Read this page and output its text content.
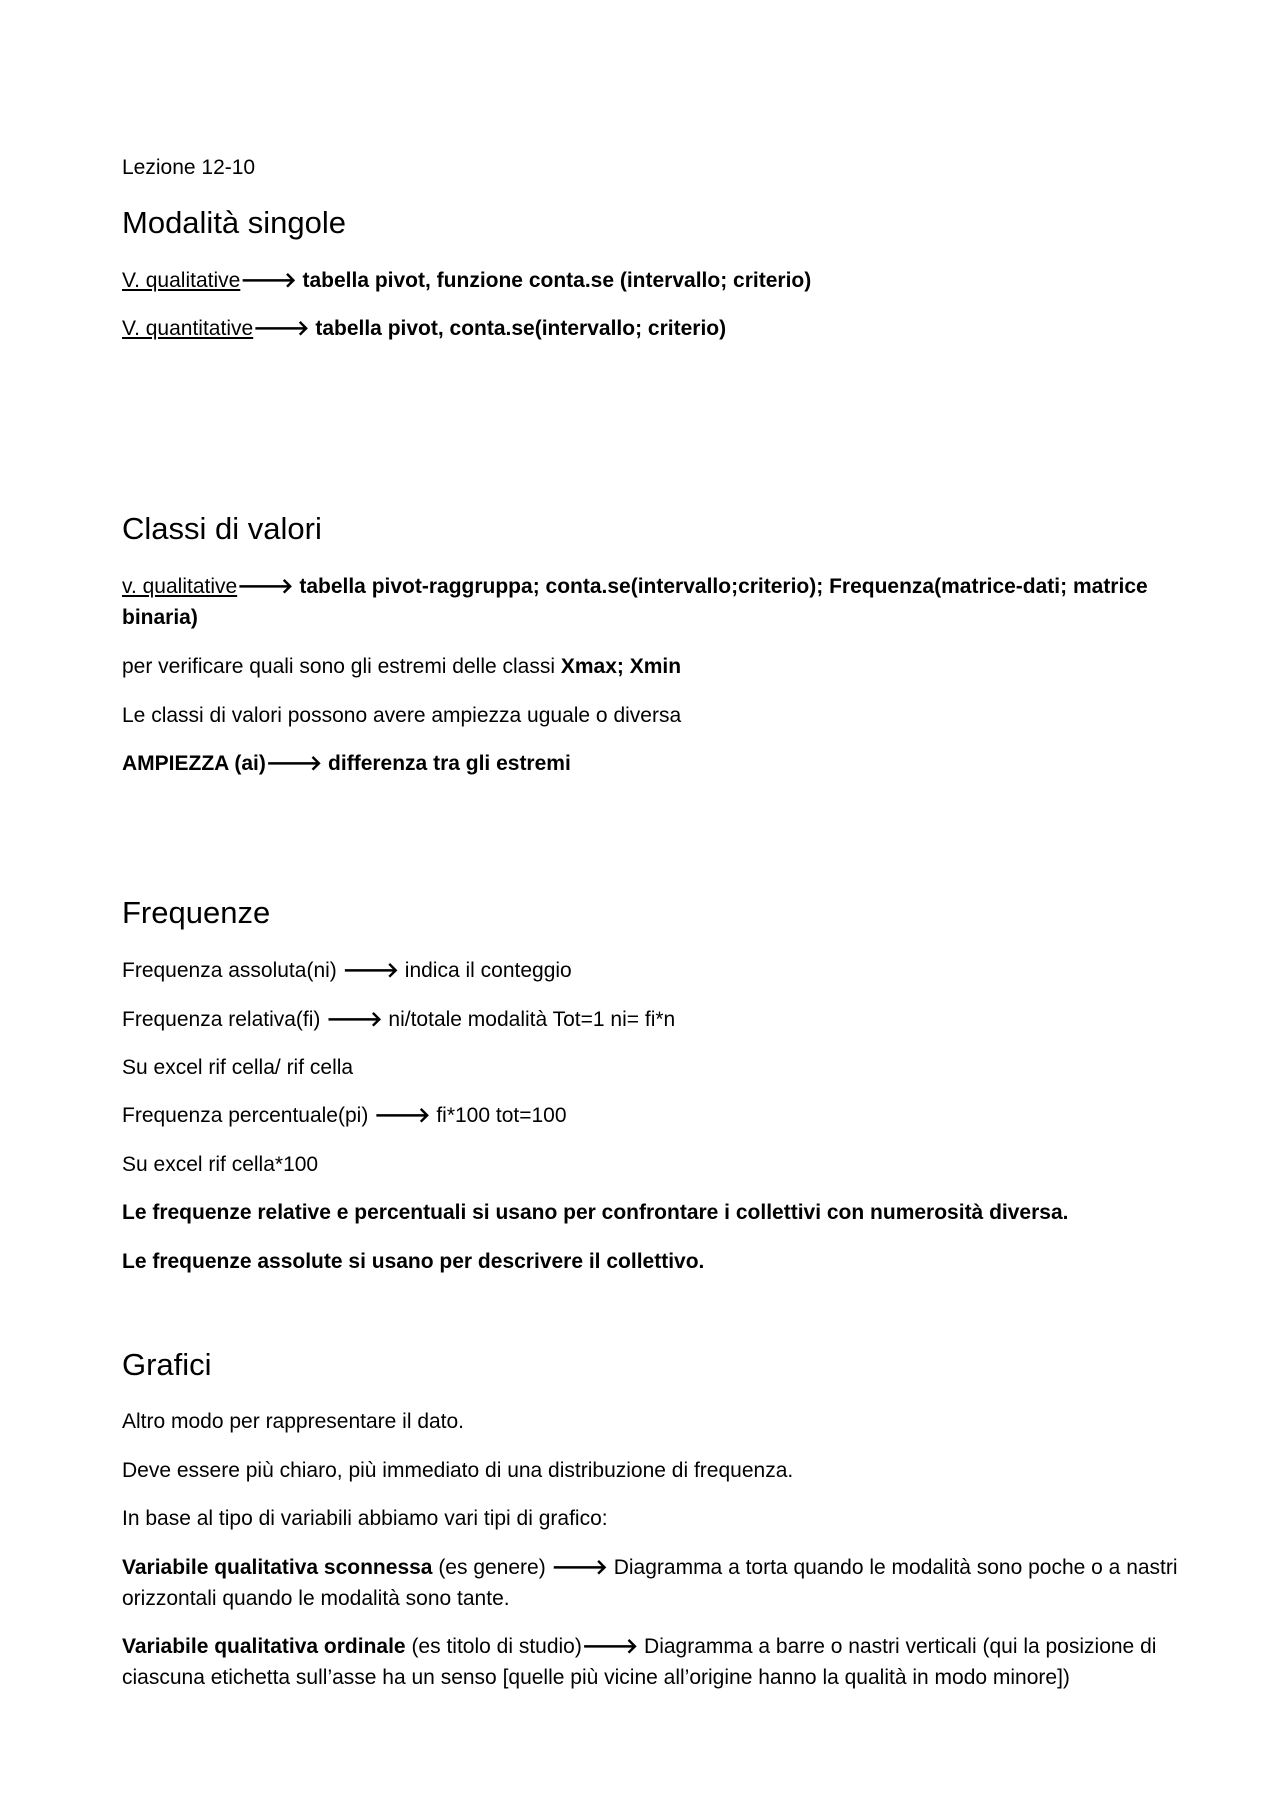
Lezione 12-10

Modalità singole

V. qualitative🡒 tabella pivot, funzione conta.se (intervallo; criterio)

V. quantitative🡒 tabella pivot, conta.se(intervallo; criterio)

Classi di valori

v. qualitative🡒 tabella pivot-raggruppa; conta.se(intervallo;criterio); Frequenza(matrice-dati; matrice binaria)

per verificare quali sono gli estremi delle classi Xmax; Xmin

Le classi di valori possono avere ampiezza uguale o diversa

AMPIEZZA (ai)🡒 differenza tra gli estremi

Frequenze

Frequenza assoluta(ni) 🡒 indica il conteggio

Frequenza relativa(fi) 🡒 ni/totale modalità Tot=1 ni= fi*n

Su excel rif cella/ rif cella

Frequenza percentuale(pi) 🡒 fi*100 tot=100

Su excel rif cella*100

Le frequenze relative e percentuali si usano per confrontare i collettivi con numerosità diversa.

Le frequenze assolute si usano per descrivere il collettivo.

Grafici

Altro modo per rappresentare il dato.

Deve essere più chiaro, più immediato di una distribuzione di frequenza.

In base al tipo di variabili abbiamo vari tipi di grafico:

Variabile qualitativa sconnessa (es genere) 🡒 Diagramma a torta quando le modalità sono poche o a nastri orizzontali quando le modalità sono tante.

Variabile qualitativa ordinale (es titolo di studio)🡒 Diagramma a barre o nastri verticali (qui la posizione di ciascuna etichetta sull’asse ha un senso [quelle più vicine all’origine hanno la qualità in modo minore])
